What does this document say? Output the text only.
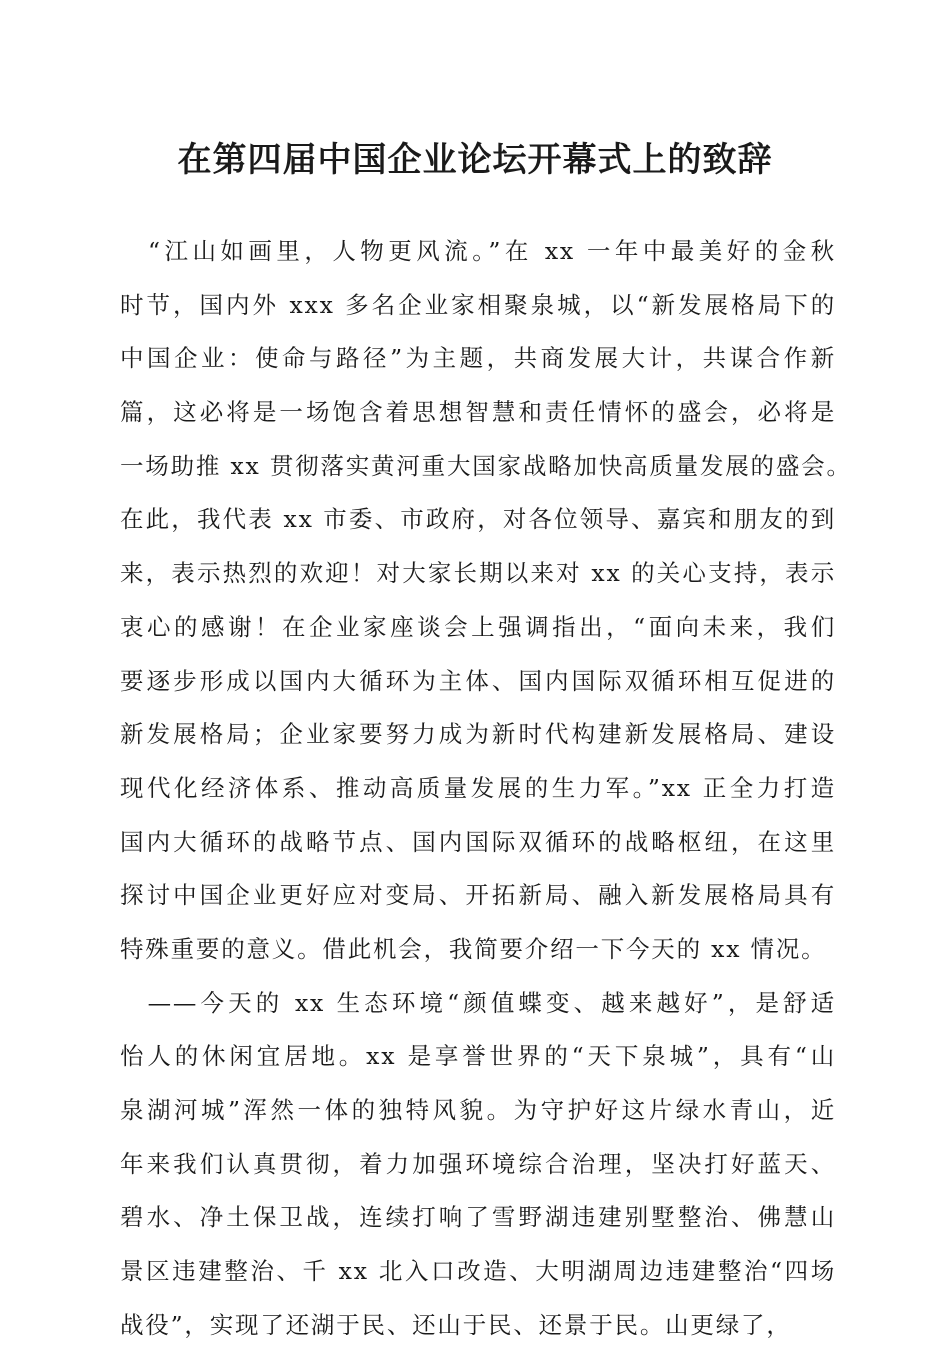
在第四届中国企业论坛开幕式上的致辞
　“江山如画里，人物更风流。”在 xx 一年中最美好的金秋
时节，国内外 xxx 多名企业家相聚泉城，以“新发展格局下的
中国企业：使命与路径”为主题，共商发展大计，共谋合作新
篇，这必将是一场饱含着思想智慧和责任情怀的盛会，必将是
一场助推 xx 贯彻落实黄河重大国家战略加快高质量发展的盛会。
在此，我代表 xx 市委、市政府，对各位领导、嘉宾和朋友的到
来，表示热烈的欢迎！对大家长期以来对 xx 的关心支持，表示
衷心的感谢！在企业家座谈会上强调指出，“面向未来，我们
要逐步形成以国内大循环为主体、国内国际双循环相互促进的
新发展格局；企业家要努力成为新时代构建新发展格局、建设
现代化经济体系、推动高质量发展的生力军。”xx 正全力打造
国内大循环的战略节点、国内国际双循环的战略枢纽，在这里
探讨中国企业更好应对变局、开拓新局、融入新发展格局具有
特殊重要的意义。借此机会，我简要介绍一下今天的 xx 情况。
　——今天的 xx 生态环境“颜值蝶变、越来越好”，是舒适
怡人的休闲宜居地。xx 是享誉世界的“天下泉城”，具有“山
泉湖河城”浑然一体的独特风貌。为守护好这片绿水青山，近
年来我们认真贯彻，着力加强环境综合治理，坚决打好蓝天、
碧水、净土保卫战，连续打响了雪野湖违建别墅整治、佛慧山
景区违建整治、千 xx 北入口改造、大明湖周边违建整治“四场
战役”，实现了还湖于民、还山于民、还景于民。山更绿了，
